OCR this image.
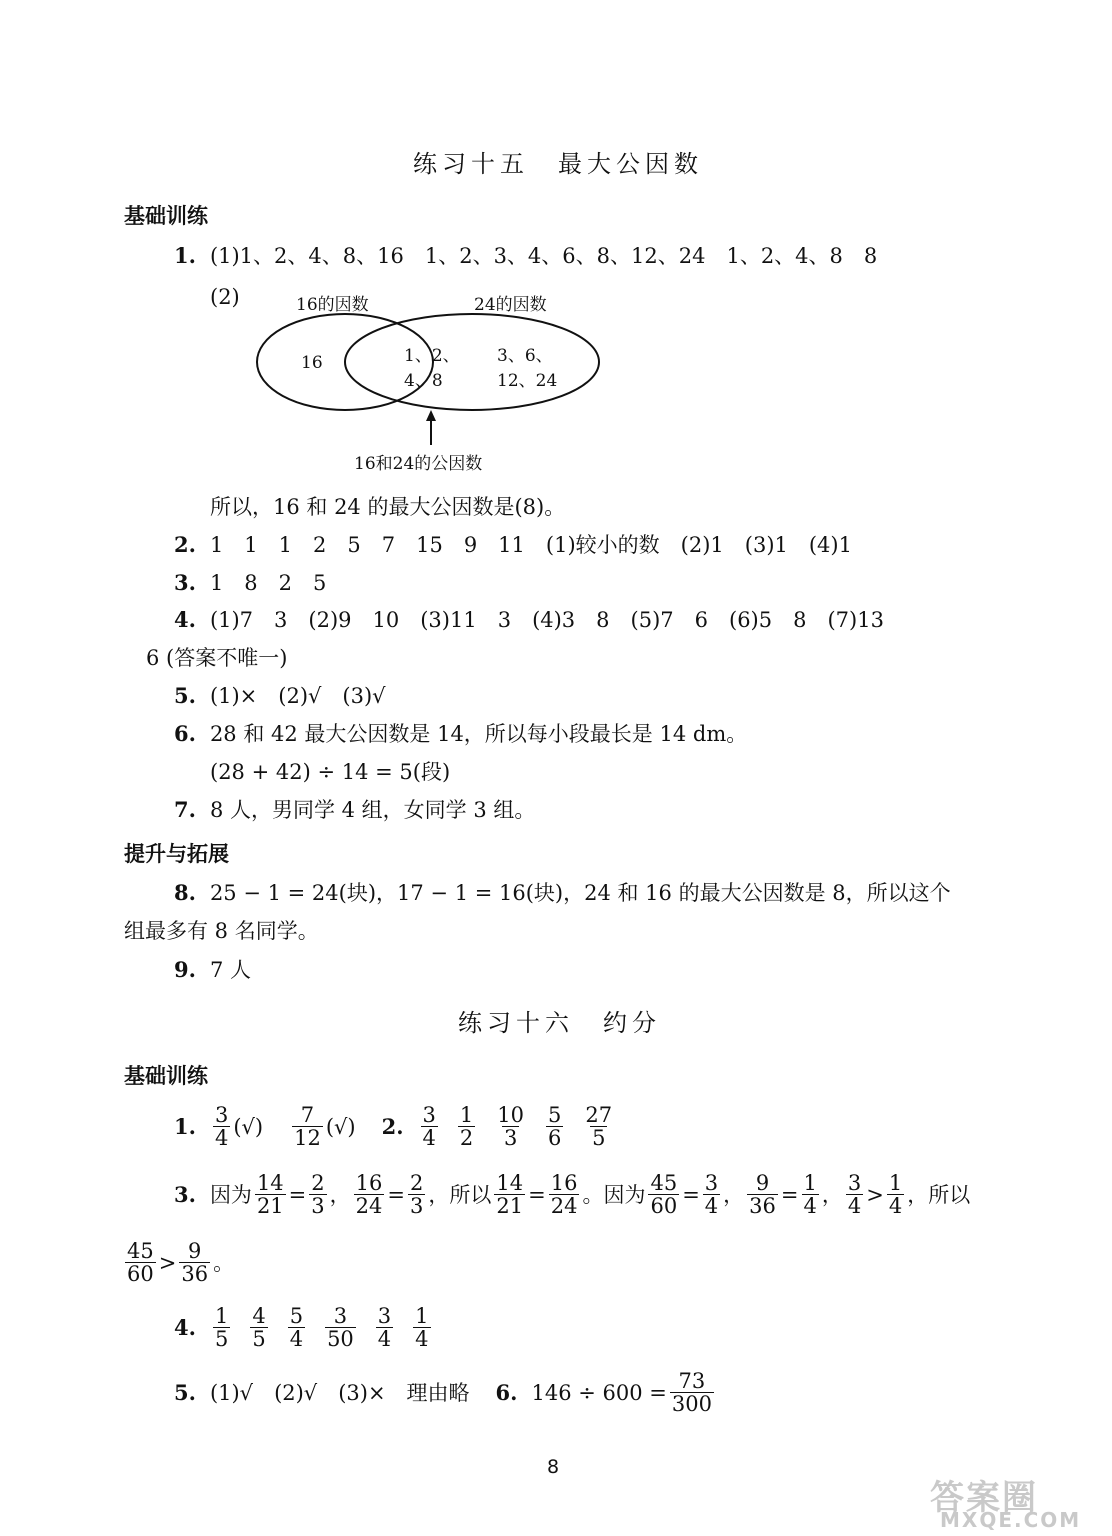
练习十五　最大公因数
基础训练
1. (1)1、2、4、8、16　1、2、3、4、6、8、12、24　1、2、4、8　8
(2)	16的因数	24的因数
16	1、2、
4、8
3、6、
12、24
16和24的公因数
所以，16 和 24 的最大公因数是(8)。
2. 1　1　1　2　5　7　15　9　11　(1)较小的数　(2)1　(3)1　(4)1
3. 1　8　2　5
4. (1)7　3　(2)9　10　(3)11　3　(4)3　8　(5)7　6　(6)5　8　(7)13
6 (答案不唯一)
5. (1)×　(2)√　(3)√
6. 28 和 42 最大公因数是 14，所以每小段最长是 14 dm。
(28 + 42) ÷ 14 = 5(段)
7. 8 人，男同学 4 组，女同学 3 组。
提升与拓展
8. 25 − 1 = 24(块)，17 − 1 = 16(块)，24 和 16 的最大公因数是 8，所以这个
组最多有 8 名同学。
9. 7 人
练习十六　约分
基础训练
1. $\frac{3}{4}$ (√) $\frac{7}{12}$ (√) 2. $\frac{3}{4} \frac{1}{2} \frac{10}{3} \frac{5}{6} \frac{27}{5}$
3. 因为 $\frac{14}{21} = \frac{2}{3}$ ， $\frac{16}{24} = \frac{2}{3}$ ， 所以 $\frac{14}{21} = \frac{16}{24}$ 。 因为 $\frac{45}{60} = \frac{3}{4}$ ， $\frac{9}{36} = \frac{1}{4}$ ， $\frac{3}{4} > \frac{1}{4}$ ，所以
$\frac{45}{60} > \frac{9}{36}$ 。
4. $\frac{1}{5} \frac{4}{5} \frac{5}{4} \frac{3}{50} \frac{3}{4} \frac{1}{4}$
5. (1)√　(2)√　(3)×　理由略 6. $146 \div 600 = \frac{73}{300}$
8
答案圈
MXQE.COM
